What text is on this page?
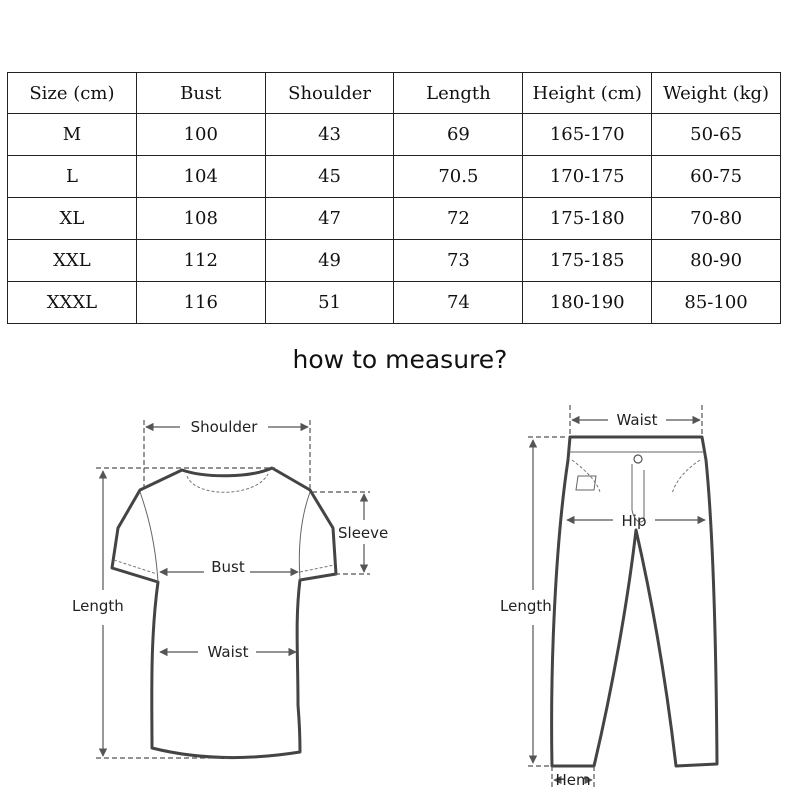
Size (cm)	Bust	Shoulder	Length	Height (cm)	Weight (kg)
M	100	43	69	165-170	50-65
L	104	45	70.5	170-175	60-75
XL	108	47	72	175-180	70-80
XXL	112	49	73	175-185	80-90
XXXL	116	51	74	180-190	85-100
how to measure?
Shoulder
Sleeve
Bust
Waist
Length
Waist
Hip
Length
Hem
